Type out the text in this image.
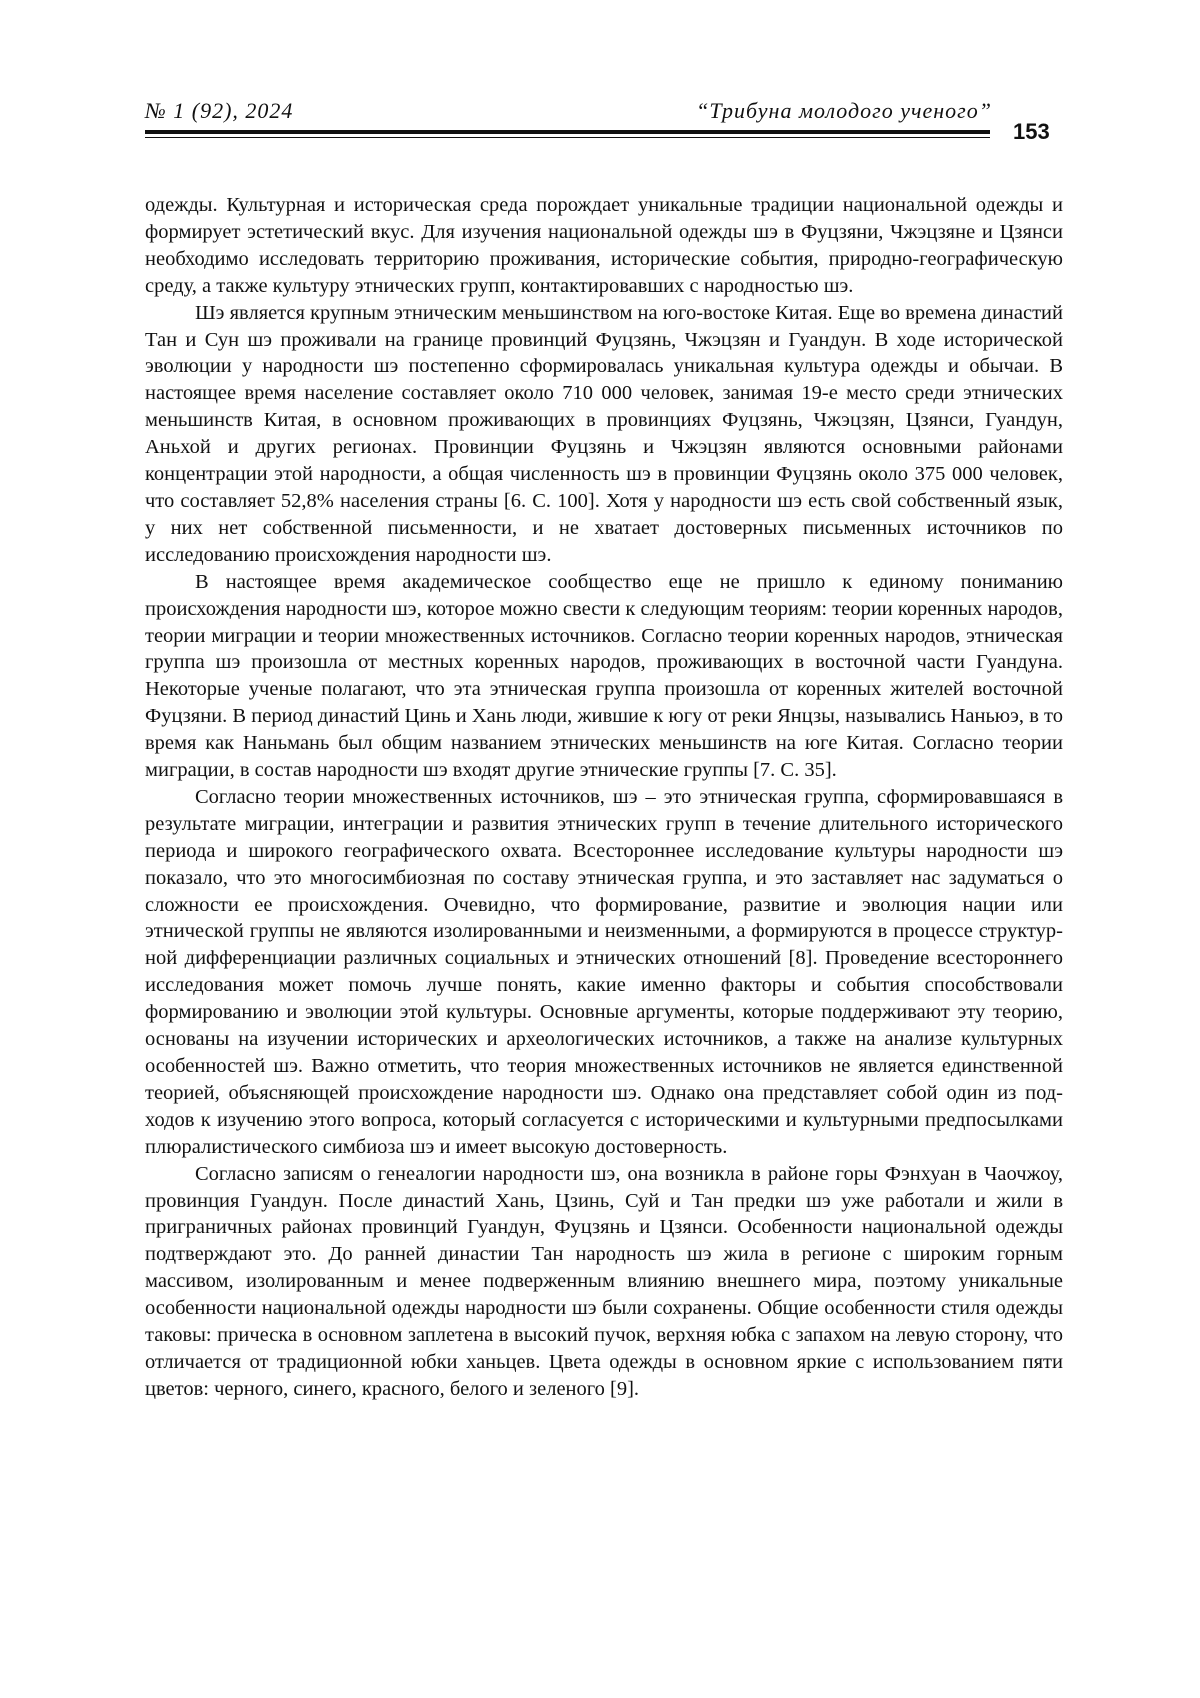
№ 1 (92), 2024	“Трибуна молодого ученого”
153

одежды. Культурная и историческая среда порождает уникальные традиции националь­ной одежды и формирует эстетический вкус. Для изучения национальной одежды шэ в Фуцзяни, Чжэцзяне и Цзянси необходимо исследовать территорию проживания, истори­ческие события, природно-географическую среду, а также культуру этнических групп, контактировавших с народностью шэ.

Шэ является крупным этническим меньшинством на юго-востоке Китая. Еще во времена династий Тан и Сун шэ проживали на границе провинций Фуцзянь, Чжэцзян и Гуандун. В ходе исторической эволюции у народности шэ постепенно сформировалась уникальная культура одежды и обычаи. В настоящее время население составляет око­ло 710 000 человек, занимая 19-е место среди этнических меньшинств Китая, в основ­ном проживающих в провинциях Фуцзянь, Чжэцзян, Цзянси, Гуандун, Аньхой и других регионах. Провинции Фуцзянь и Чжэцзян являются основными районами концентрации этой народности, а общая численность шэ в провинции Фуцзянь около 375 000 человек, что составляет 52,8% населения страны [6. С. 100]. Хотя у народности шэ есть свой собственный язык, у них нет собственной письменности, и не хватает достоверных пись­менных источников по исследованию происхождения народности шэ.

В настоящее время академическое сообщество еще не пришло к единому пони­манию происхождения народности шэ, которое можно свести к следующим теориям: теории коренных народов, теории миграции и теории множественных источников. Согласно теории коренных народов, этническая группа шэ произошла от местных коренных народов, проживающих в восточной части Гуандуна. Некоторые ученые полагают, что эта этническая группа произошла от коренных жителей восточной Фуц­зяни. В период династий Цинь и Хань люди, жившие к югу от реки Янцзы, назывались Наньюэ, в то время как Наньмань был общим названием этнических меньшинств на юге Китая. Согласно теории миграции, в состав народности шэ входят другие этниче­ские группы [7. С. 35].

Согласно теории множественных источников, шэ – это этническая группа, сфор­мировавшаяся в результате миграции, интеграции и развития этнических групп в тече­ние длительного исторического периода и широкого географического охвата. Всесторон­нее исследование культуры народности шэ показало, что это многосимбиозная по составу этническая группа, и это заставляет нас задуматься о сложности ее происхож­дения. Очевидно, что формирование, развитие и эволюция нации или этнической груп­пы не являются изолированными и неизменными, а формируются в процессе структур­ной дифференциации различных социальных и этнических отношений [8]. Проведение всестороннего исследования может помочь лучше понять, какие именно факторы и события способствовали формированию и эволюции этой культуры. Основные аргумен­ты, которые поддерживают эту теорию, основаны на изучении исторических и археоло­гических источников, а также на анализе культурных особенностей шэ. Важно отме­тить, что теория множественных источников не является единственной теорией, объя­сняющей происхождение народности шэ. Однако она представляет собой один из под­ходов к изучению этого вопроса, который согласуется с историческими и культурными предпосылками плюралистического симбиоза шэ и имеет высокую достоверность.

Согласно записям о генеалогии народности шэ, она возникла в районе горы Фэн­хуан в Чаочжоу, провинция Гуандун. После династий Хань, Цзинь, Суй и Тан предки шэ уже работали и жили в приграничных районах провинций Гуандун, Фуцзянь и Цзян­си. Особенности национальной одежды подтверждают это. До ранней династии Тан на­родность шэ жила в регионе с широким горным массивом, изолированным и менее под­верженным влиянию внешнего мира, поэтому уникальные особенности национальной одежды народности шэ были сохранены. Общие особенности стиля одежды таковы: при­ческа в основном заплетена в высокий пучок, верхняя юбка с запахом на левую сто­рону, что отличается от традиционной юбки ханьцев. Цвета одежды в основном яркие с использованием пяти цветов: черного, синего, красного, белого и зеленого [9].
